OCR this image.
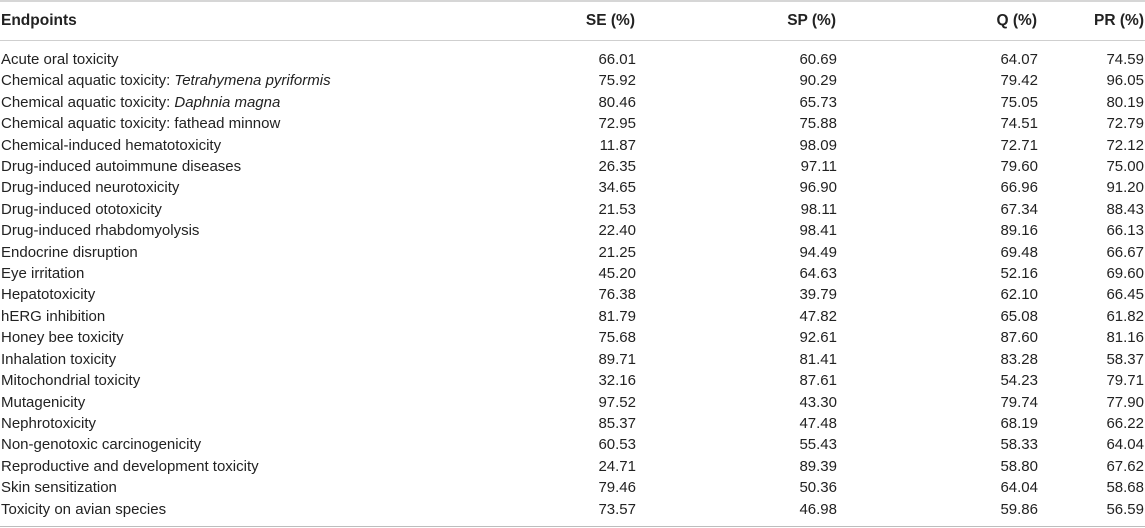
Endpoints	SE (%)	SP (%)	Q (%)	PR (%)

Acute oral toxicity	66.01	60.69	64.07	74.59
Chemical aquatic toxicity: Tetrahymena pyriformis	75.92	90.29	79.42	96.05
Chemical aquatic toxicity: Daphnia magna	80.46	65.73	75.05	80.19
Chemical aquatic toxicity: fathead minnow	72.95	75.88	74.51	72.79
Chemical-induced hematotoxicity	11.87	98.09	72.71	72.12
Drug-induced autoimmune diseases	26.35	97.11	79.60	75.00
Drug-induced neurotoxicity	34.65	96.90	66.96	91.20
Drug-induced ototoxicity	21.53	98.11	67.34	88.43
Drug-induced rhabdomyolysis	22.40	98.41	89.16	66.13
Endocrine disruption	21.25	94.49	69.48	66.67
Eye irritation	45.20	64.63	52.16	69.60
Hepatotoxicity	76.38	39.79	62.10	66.45
hERG inhibition	81.79	47.82	65.08	61.82
Honey bee toxicity	75.68	92.61	87.60	81.16
Inhalation toxicity	89.71	81.41	83.28	58.37
Mitochondrial toxicity	32.16	87.61	54.23	79.71
Mutagenicity	97.52	43.30	79.74	77.90
Nephrotoxicity	85.37	47.48	68.19	66.22
Non-genotoxic carcinogenicity	60.53	55.43	58.33	64.04
Reproductive and development toxicity	24.71	89.39	58.80	67.62
Skin sensitization	79.46	50.36	64.04	58.68
Toxicity on avian species	73.57	46.98	59.86	56.59
